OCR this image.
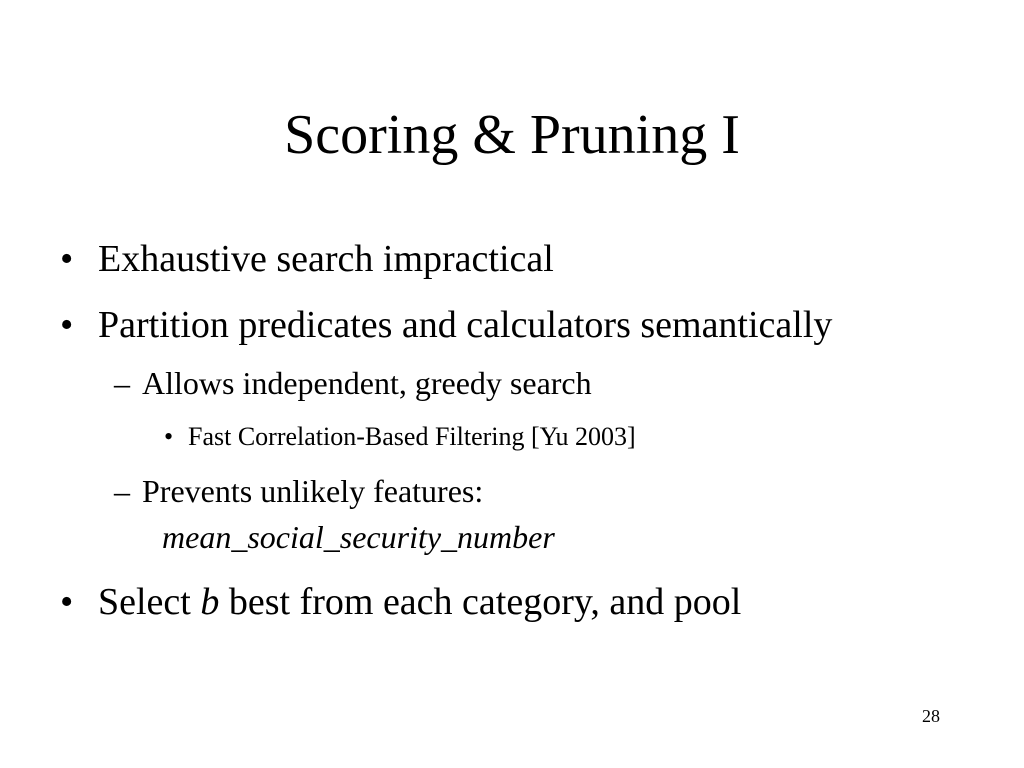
Scoring & Pruning I
• Exhaustive search impractical
• Partition predicates and calculators semantically
– Allows independent, greedy search
• Fast Correlation-Based Filtering [Yu 2003]
– Prevents unlikely features:
mean_social_security_number
• Select b best from each category, and pool
28
